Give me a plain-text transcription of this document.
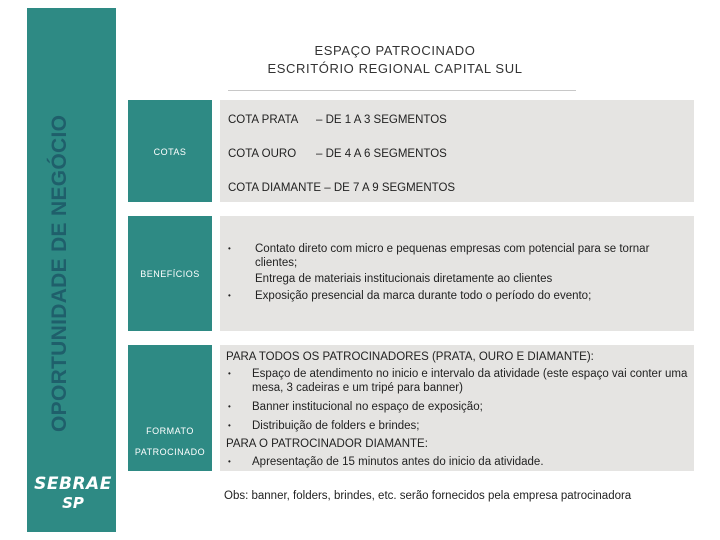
OPORTUNIDADE DE NEGÓCIO
SEBRAE
SP
ESPAÇO PATROCINADO
ESCRITÓRIO REGIONAL CAPITAL SUL
COTAS
COTA PRATA – DE 1 A 3 SEGMENTOS
COTA OURO – DE 4 A 6 SEGMENTOS
COTA DIAMANTE – DE 7 A 9 SEGMENTOS
BENEFÍCIOS
• Contato direto com micro e pequenas empresas com potencial para se tornar clientes;
Entrega de materiais institucionais diretamente ao clientes
• Exposição presencial da marca durante todo o período do evento;
FORMATO
PATROCINADO
PARA TODOS OS PATROCINADORES (PRATA, OURO E DIAMANTE):
• Espaço de atendimento no inicio e intervalo da atividade (este espaço vai conter uma mesa, 3 cadeiras e um tripé para banner)
• Banner institucional no espaço de exposição;
• Distribuição de folders e brindes;
PARA O PATROCINADOR DIAMANTE:
• Apresentação de 15 minutos antes do inicio da atividade.
Obs: banner, folders, brindes, etc. serão fornecidos pela empresa patrocinadora
